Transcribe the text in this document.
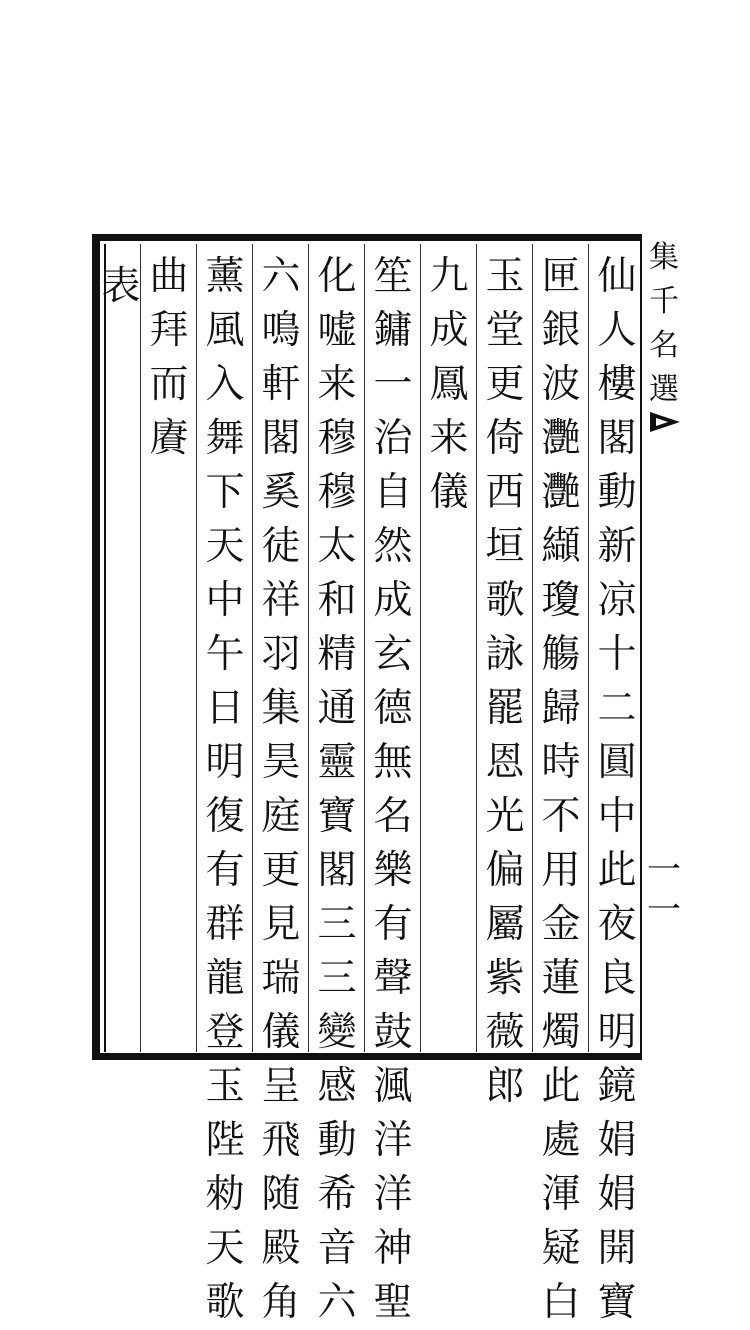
集
千
名
選
一
一
仙
人
樓
閣
動
新
凉
十
二
圓
中
此
夜
良
明
鏡
娟
娟
開
寶
匣
銀
波
灧
灧
纈
瓊
觴
歸
時
不
用
金
蓮
燭
此
處
渾
疑
白
玉
堂
更
倚
西
垣
歌
詠
罷
恩
光
偏
屬
紫
薇
郎
九
成
鳳
来
儀
笙
鏞
一
治
自
然
成
玄
德
無
名
樂
有
聲
鼓
渢
洋
洋
神
聖
化
嘘
来
穆
穆
太
和
精
通
靈
寶
閣
三
三
變
感
動
希
音
六
六
鳴
軒
閣
奚
徒
祥
羽
集
昊
庭
更
見
瑞
儀
呈
飛
随
殿
角
薰
風
入
舞
下
天
中
午
日
明
復
有
群
龍
登
玉
陛
勑
天
歌
曲
拜
而
賡
表
